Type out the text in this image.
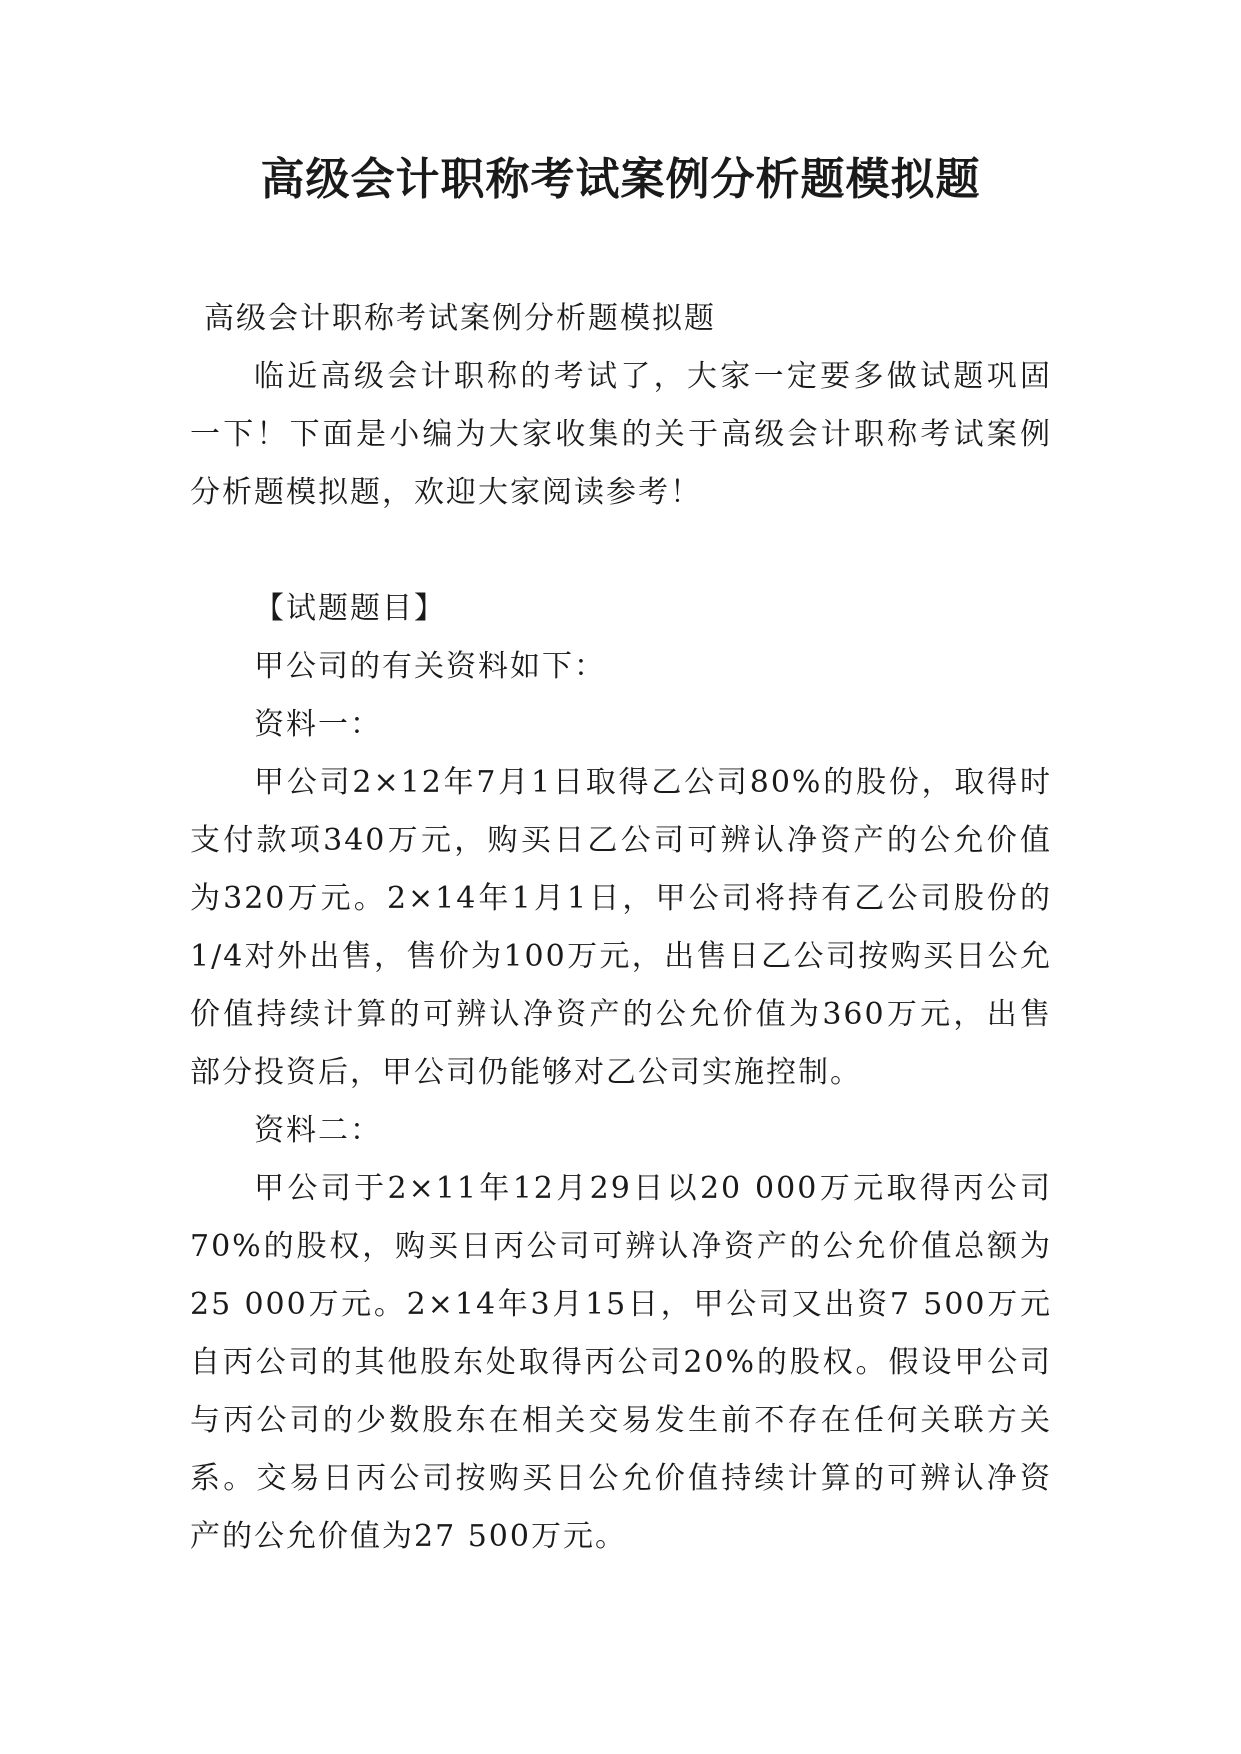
高级会计职称考试案例分析题模拟题

高级会计职称考试案例分析题模拟题

临近高级会计职称的考试了，大家一定要多做试题巩固一下！下面是小编为大家收集的关于高级会计职称考试案例分析题模拟题，欢迎大家阅读参考！

【试题题目】

甲公司的有关资料如下：

资料一：

甲公司2×12年7月1日取得乙公司80%的股份，取得时支付款项340万元，购买日乙公司可辨认净资产的公允价值为320万元。2×14年1月1日，甲公司将持有乙公司股份的1/4对外出售，售价为100万元，出售日乙公司按购买日公允价值持续计算的可辨认净资产的公允价值为360万元，出售部分投资后，甲公司仍能够对乙公司实施控制。

资料二：

甲公司于2×11年12月29日以20 000万元取得丙公司70%的股权，购买日丙公司可辨认净资产的公允价值总额为25 000万元。2×14年3月15日，甲公司又出资7 500万元自丙公司的其他股东处取得丙公司20%的股权。假设甲公司与丙公司的少数股东在相关交易发生前不存在任何关联方关系。交易日丙公司按购买日公允价值持续计算的可辨认净资产的公允价值为27 500万元。
